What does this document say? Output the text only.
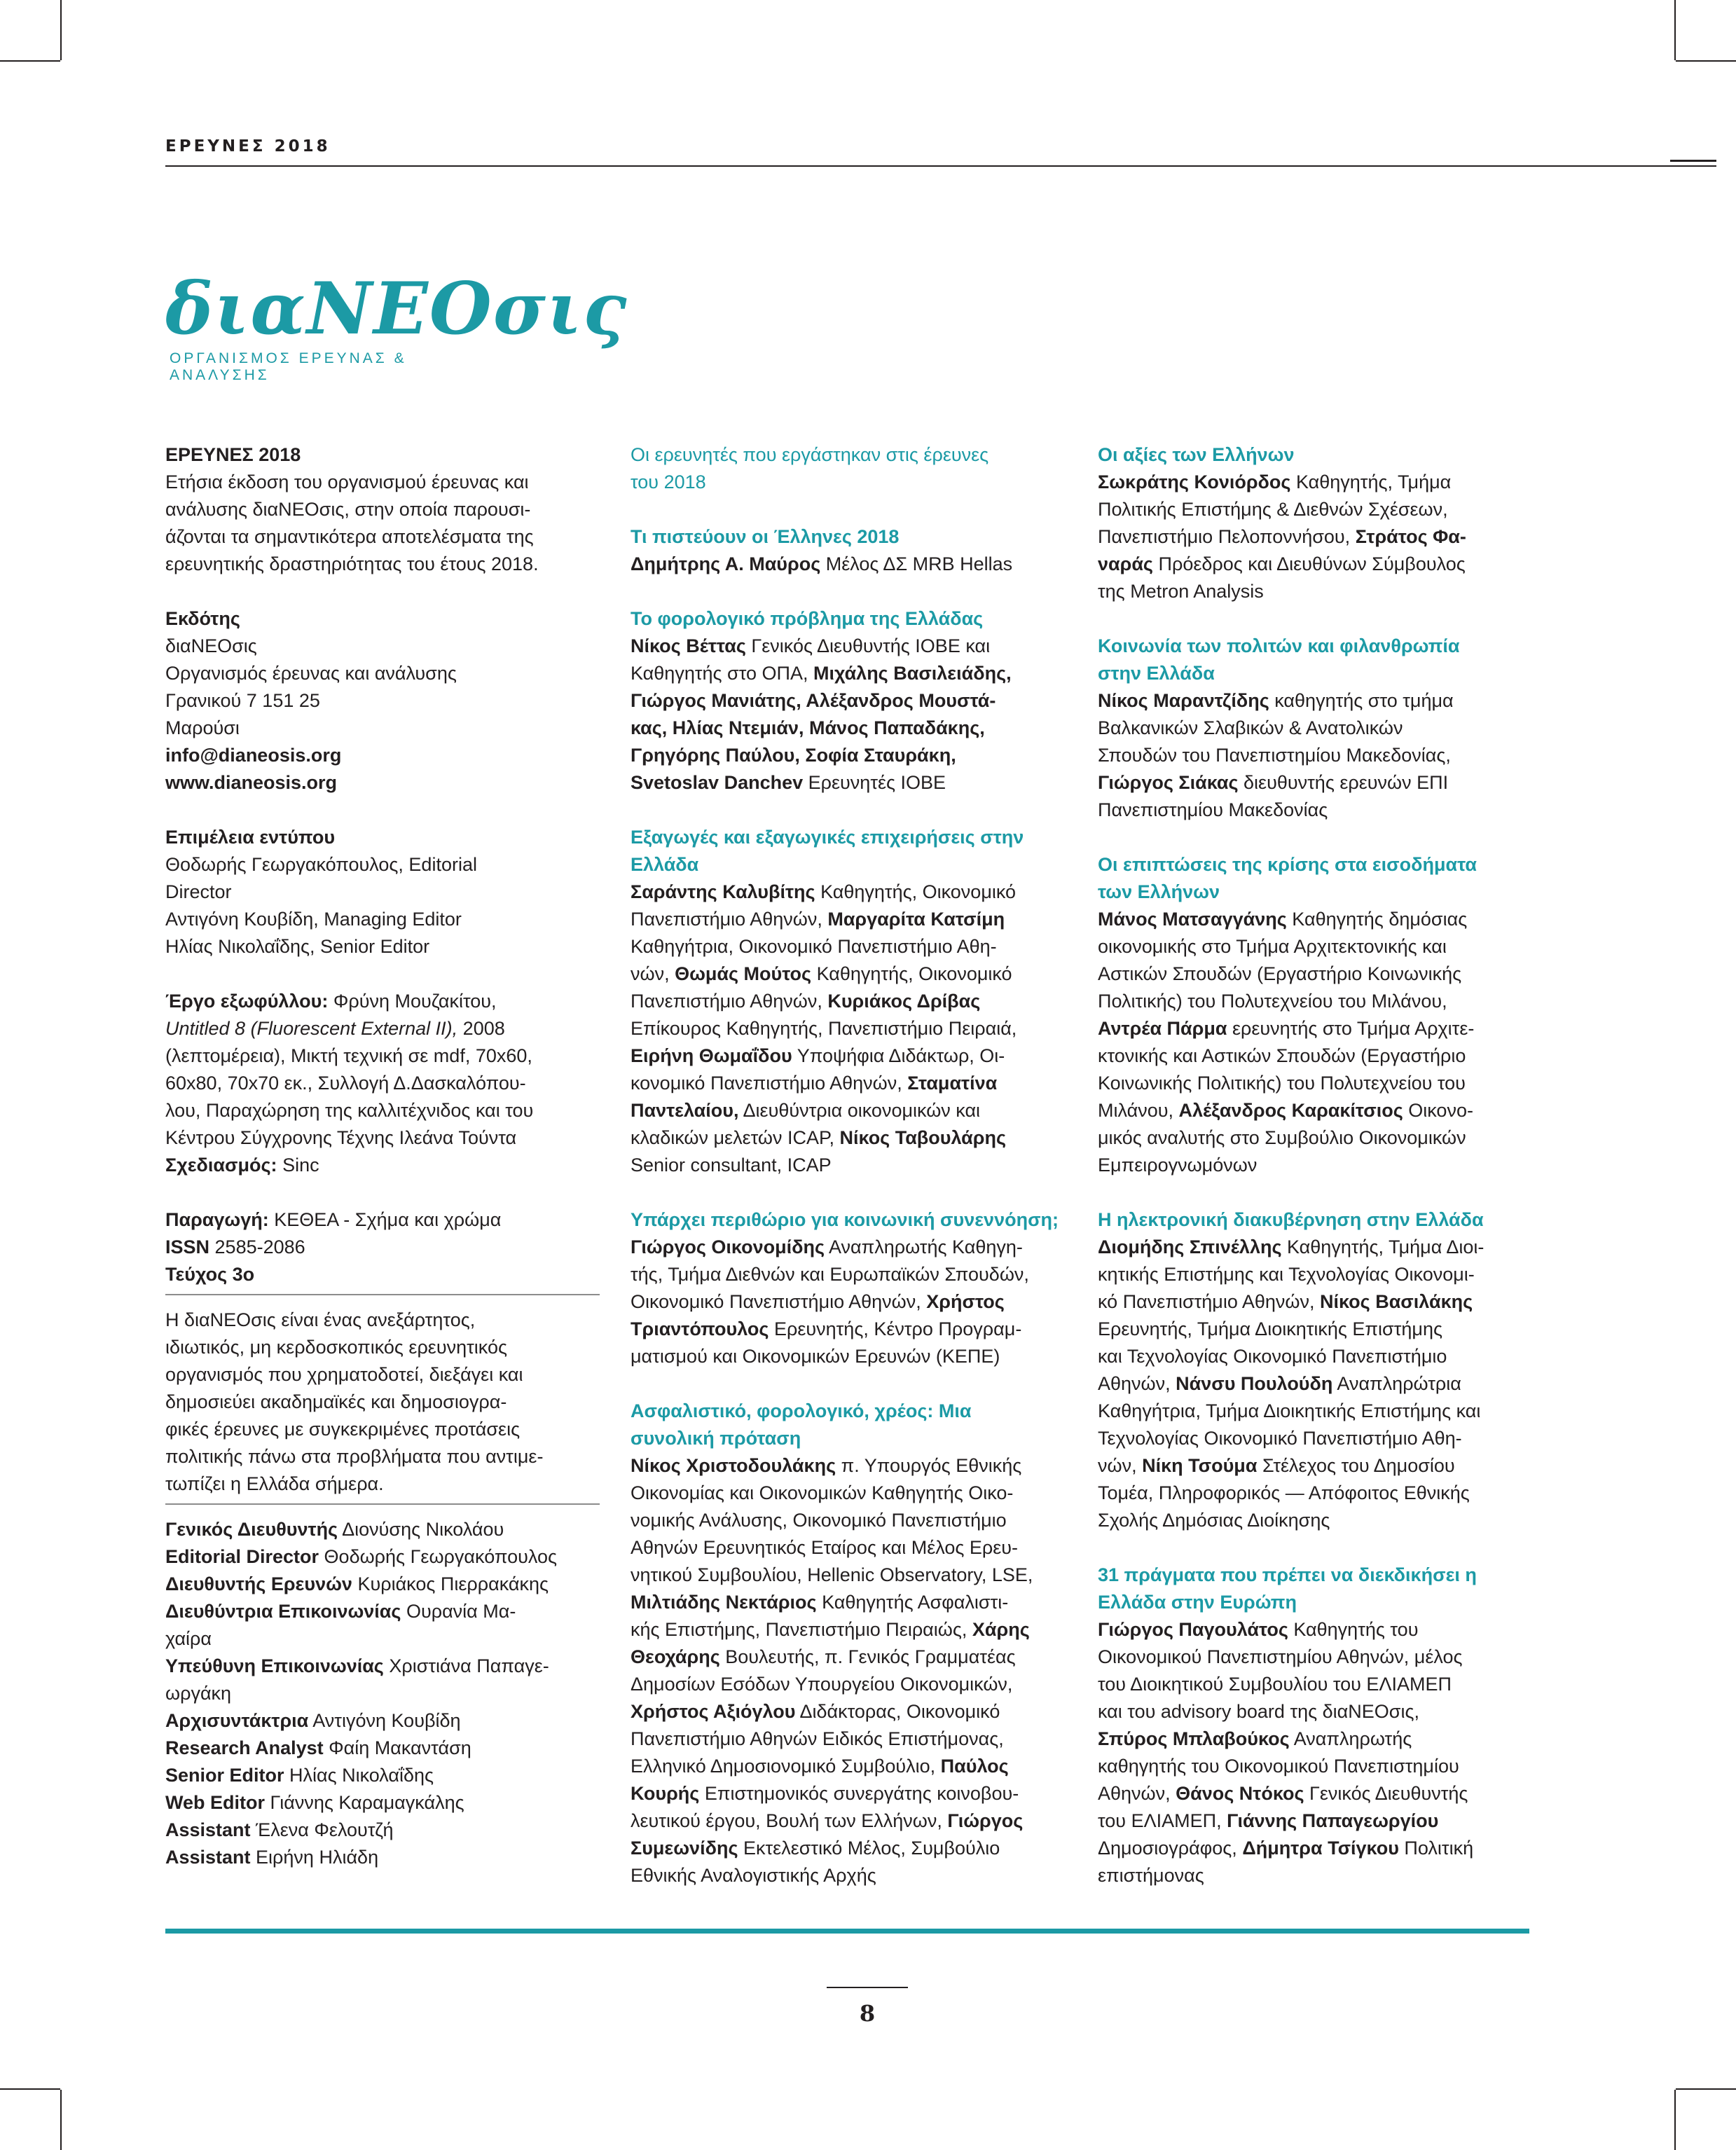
ΕΡΕΥΝΕΣ 2018
διαΝΕΟσις
ΟΡΓΑΝΙΣΜΟΣ ΕΡΕΥΝΑΣ & ΑΝΑΛΥΣΗΣ

ΕΡΕΥΝΕΣ 2018

Ετήσια έκδοση του οργανισμού έρευνας και

ανάλυσης διαΝΕΟσις, στην οποία παρουσι-

άζονται τα σημαντικότερα αποτελέσματα της

ερευνητικής δραστηριότητας του έτους 2018.

Εκδότης

διαΝΕΟσις

Οργανισμός έρευνας και ανάλυσης

Γρανικού 7 151 25

Μαρούσι

info@dianeosis.org

www.dianeosis.org

Επιμέλεια εντύπου

Θοδωρής Γεωργακόπουλος, Editorial

Director

Αντιγόνη Κουβίδη, Managing Editor

Ηλίας Νικολαΐδης, Senior Editor

Έργο εξωφύλλου: Φρύνη Μουζακίτου,

Untitled 8 (Fluorescent External II), 2008

(λεπτομέρεια), Μικτή τεχνική σε mdf, 70x60,

60x80, 70x70 εκ., Συλλογή Δ.Δασκαλόπου-

λου, Παραχώρηση της καλλιτέχνιδος και του

Κέντρου Σύγχρονης Τέχνης Ιλεάνα Τούντα

Σχεδιασμός: Sinc

Παραγωγή: ΚΕΘΕΑ - Σχήμα και χρώμα

ISSN 2585-2086

Τεύχος 3ο

Η διαΝΕΟσις είναι ένας ανεξάρτητος,

ιδιωτικός, μη κερδοσκοπικός ερευνητικός

οργανισμός που χρηματοδοτεί, διεξάγει και

δημοσιεύει ακαδημαϊκές και δημοσιογρα-

φικές έρευνες με συγκεκριμένες προτάσεις

πολιτικής πάνω στα προβλήματα που αντιμε-

τωπίζει η Ελλάδα σήμερα.

Γενικός Διευθυντής Διονύσης Νικολάου

Editorial Director Θοδωρής Γεωργακόπουλος

Διευθυντής Ερευνών Κυριάκος Πιερρακάκης

Διευθύντρια Επικοινωνίας Ουρανία Μα-

χαίρα

Υπεύθυνη Επικοινωνίας Χριστιάνα Παπαγε-

ωργάκη

Αρχισυντάκτρια Αντιγόνη Κουβίδη

Research Analyst Φαίη Μακαντάση

Senior Editor Ηλίας Νικολαΐδης

Web Editor Γιάννης Καραμαγκάλης

Assistant Έλενα Φελουτζή

Assistant Ειρήνη Ηλιάδη

Οι ερευνητές που εργάστηκαν στις έρευνες

του 2018

Τι πιστεύουν οι Έλληνες 2018

Δημήτρης Α. Μαύρος Μέλος ΔΣ MRB Hellas

Το φορολογικό πρόβλημα της Ελλάδας

Νίκος Βέττας Γενικός Διευθυντής ΙΟΒΕ και

Καθηγητής στο ΟΠΑ, Μιχάλης Βασιλειάδης,

Γιώργος Μανιάτης, Αλέξανδρος Μουστά-

κας, Ηλίας Ντεμιάν, Μάνος Παπαδάκης,

Γρηγόρης Παύλου, Σοφία Σταυράκη,

Svetoslav Danchev Ερευνητές ΙΟΒΕ

Εξαγωγές και εξαγωγικές επιχειρήσεις στην

Ελλάδα

Σαράντης Καλυβίτης Καθηγητής, Οικονομικό

Πανεπιστήμιο Αθηνών, Μαργαρίτα Κατσίμη

Καθηγήτρια, Οικονομικό Πανεπιστήμιο Αθη-

νών, Θωμάς Μούτος Καθηγητής, Οικονομικό

Πανεπιστήμιο Αθηνών, Κυριάκος Δρίβας

Επίκουρος Καθηγητής, Πανεπιστήμιο Πειραιά,

Ειρήνη Θωμαΐδου Υποψήφια Διδάκτωρ, Οι-

κονομικό Πανεπιστήμιο Αθηνών, Σταματίνα

Παντελαίου, Διευθύντρια οικονομικών και

κλαδικών μελετών ICAP, Νίκος Ταβουλάρης

Senior consultant, ICAP

Υπάρχει περιθώριο για κοινωνική συνεννόηση;

Γιώργος Οικονομίδης Αναπληρωτής Καθηγη-

τής, Τμήμα Διεθνών και Ευρωπαϊκών Σπουδών,

Οικονομικό Πανεπιστήμιο Αθηνών, Χρήστος

Τριαντόπουλος Ερευνητής, Κέντρο Προγραμ-

ματισμού και Οικονομικών Ερευνών (ΚΕΠΕ)

Ασφαλιστικό, φορολογικό, χρέος: Μια

συνολική πρόταση

Νίκος Χριστοδουλάκης π. Υπουργός Εθνικής

Οικονομίας και Οικονομικών Καθηγητής Οικο-

νομικής Ανάλυσης, Οικονομικό Πανεπιστήμιο

Αθηνών Ερευνητικός Εταίρος και Μέλος Ερευ-

νητικού Συμβουλίου, Hellenic Observatory, LSE,

Μιλτιάδης Νεκτάριος Καθηγητής Ασφαλιστι-

κής Επιστήμης, Πανεπιστήμιο Πειραιώς, Χάρης

Θεοχάρης Βουλευτής, π. Γενικός Γραμματέας

Δημοσίων Εσόδων Υπουργείου Οικονομικών,

Χρήστος Αξιόγλου Διδάκτορας, Οικονομικό

Πανεπιστήμιο Αθηνών Ειδικός Επιστήμονας,

Ελληνικό Δημοσιονομικό Συμβούλιο, Παύλος

Κουρής Επιστημονικός συνεργάτης κοινοβου-

λευτικού έργου, Βουλή των Ελλήνων, Γιώργος

Συμεωνίδης Εκτελεστικό Μέλος, Συμβούλιο

Εθνικής Αναλογιστικής Αρχής

Οι αξίες των Ελλήνων

Σωκράτης Κονιόρδος Καθηγητής, Τμήμα

Πολιτικής Επιστήμης & Διεθνών Σχέσεων,

Πανεπιστήμιο Πελοποννήσου, Στράτος Φα-

ναράς Πρόεδρος και Διευθύνων Σύμβουλος

της Metron Analysis

Κοινωνία των πολιτών και φιλανθρωπία

στην Ελλάδα

Νίκος Μαραντζίδης καθηγητής στο τμήμα

Βαλκανικών Σλαβικών & Ανατολικών

Σπουδών του Πανεπιστημίου Μακεδονίας,

Γιώργος Σιάκας διευθυντής ερευνών ΕΠΙ

Πανεπιστημίου Μακεδονίας

Οι επιπτώσεις της κρίσης στα εισοδήματα

των Ελλήνων

Μάνος Ματσαγγάνης Καθηγητής δημόσιας

οικονομικής στο Τμήμα Αρχιτεκτονικής και

Αστικών Σπουδών (Εργαστήριο Κοινωνικής

Πολιτικής) του Πολυτεχνείου του Μιλάνου,

Αντρέα Πάρμα ερευνητής στο Τμήμα Αρχιτε-

κτονικής και Αστικών Σπουδών (Εργαστήριο

Κοινωνικής Πολιτικής) του Πολυτεχνείου του

Μιλάνου, Αλέξανδρος Καρακίτσιος Οικονο-

μικός αναλυτής στο Συμβούλιο Οικονομικών

Εμπειρογνωμόνων

Η ηλεκτρονική διακυβέρνηση στην Ελλάδα

Διομήδης Σπινέλλης Καθηγητής, Τμήμα Διοι-

κητικής Επιστήμης και Τεχνολογίας Οικονομι-

κό Πανεπιστήμιο Αθηνών, Νίκος Βασιλάκης

Ερευνητής, Τμήμα Διοικητικής Επιστήμης

και Τεχνολογίας Οικονομικό Πανεπιστήμιο

Αθηνών, Νάνσυ Πουλούδη Αναπληρώτρια

Καθηγήτρια, Τμήμα Διοικητικής Επιστήμης και

Τεχνολογίας Οικονομικό Πανεπιστήμιο Αθη-

νών, Νίκη Τσούμα Στέλεχος του Δημοσίου

Τομέα, Πληροφορικός — Απόφοιτος Εθνικής

Σχολής Δημόσιας Διοίκησης

31 πράγματα που πρέπει να διεκδικήσει η

Ελλάδα στην Ευρώπη

Γιώργος Παγουλάτος Καθηγητής του

Οικονομικού Πανεπιστημίου Αθηνών, μέλος

του Διοικητικού Συμβουλίου του ΕΛΙΑΜΕΠ

και του advisory board της διαΝΕΟσις,

Σπύρος Μπλαβούκος Αναπληρωτής

καθηγητής του Οικονομικού Πανεπιστημίου

Αθηνών, Θάνος Ντόκος Γενικός Διευθυντής

του ΕΛΙΑΜΕΠ, Γιάννης Παπαγεωργίου

Δημοσιογράφος, Δήμητρα Τσίγκου Πολιτική

επιστήμονας

8
